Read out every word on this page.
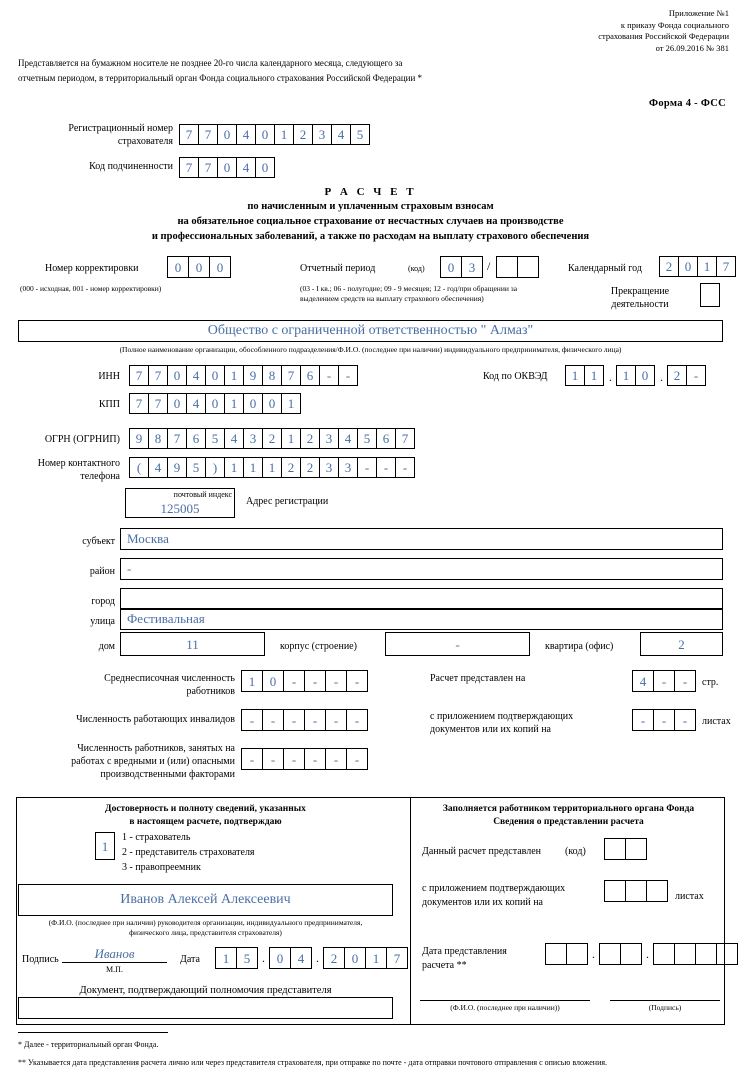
Приложение №1
к приказу Фонда социального
страхования Российской Федерации
от 26.09.2016 № 381
Форма 4 - ФСС
Представляется на бумажном носителе не позднее 20-го числа календарного месяца, следующего за отчетным периодом, в территориальный орган Фонда социального страхования Российской Федерации *
Регистрационный номер
страхователя 7 7 0 4 0 1 2 3 4 5
Код подчиненности 7 7 0 4 0
Р А С Ч Е Т
по начисленным и уплаченным страховым взносам
на обязательное социальное страхование от несчастных случаев на производстве
и профессиональных заболеваний, а также по расходам на выплату страхового обеспечения
Номер корректировки	0	0	0
(000 - исходная, 001 - номер корректировки)
Отчетный период	(код)	0	3 /
(03 - I кв.; 06 - полугодие; 09 - 9 месяцев; 12 - год/при обращении за
выделением средств на выплату страхового обеспечения)
Календарный год	2 0 1 7
Прекращение
деятельности
Общество с ограниченной ответственностью " Алмаз"
(Полное наименование организации, обособленного подразделения/Ф.И.О. (последнее при наличии) индивидуального предпринимателя, физического лица)
ИНН	7 7 0 4 0 1 9 8 7 6	-	-
КПП	7 7 0 4 0 1 0 0 1
Код по ОКВЭД	1 1 . 1 0 . 2	-
ОГРН (ОГРНИП)	9 8 7 6 5 4 3 2 1 2 3 4 5 6 7
Номер контактного
телефона
(	4 9 5	)	1 1 1 2 2 3 3	-	-	-
почтовый индекс
125005	Адрес регистрации
субъект Москва
район -
город
улица Фестивальная
дом	11	корпус (строение)	-	квартира (офис)	2
Среднесписочная численность
работников
1	0	-	-	-	-
Численность работающих инвалидов	-	-	-	-	-	-
Численность работников, занятых на
работах с вредными и (или) опасными
производственными факторами
-	-	-	-	-	-
Расчет представлен на	4	-	-	стр.
с приложением подтверждающих
документов или их копий на
-	-	-	листах
Достоверность и полноту сведений, указанных
в настоящем расчете, подтверждаю
1
1 - страхователь
2 - представитель страхователя
3 - правопреемник
Иванов Алексей Алексеевич
(Ф.И.О. (последнее при наличии) руководителя организации, индивидуального предпринимателя,
физического лица, представителя страхователя)
Подпись	Иванов
М.П.
Дата	1	5 . 0	4 . 2	0	1	7
Документ, подтверждающий полномочия представителя
Заполняется работником территориального органа Фонда
Сведения о представлении расчета
Данный расчет представлен (код)
с приложением подтверждающих
документов или их копий на
листах
Дата представления
расчета **
.	.
(Ф.И.О. (последнее при наличии))	(Подпись)
* Далее - территориальный орган Фонда.
** Указывается дата представления расчета лично или через представителя страхователя, при отправке по почте - дата отправки почтового отправления с описью вложения.
